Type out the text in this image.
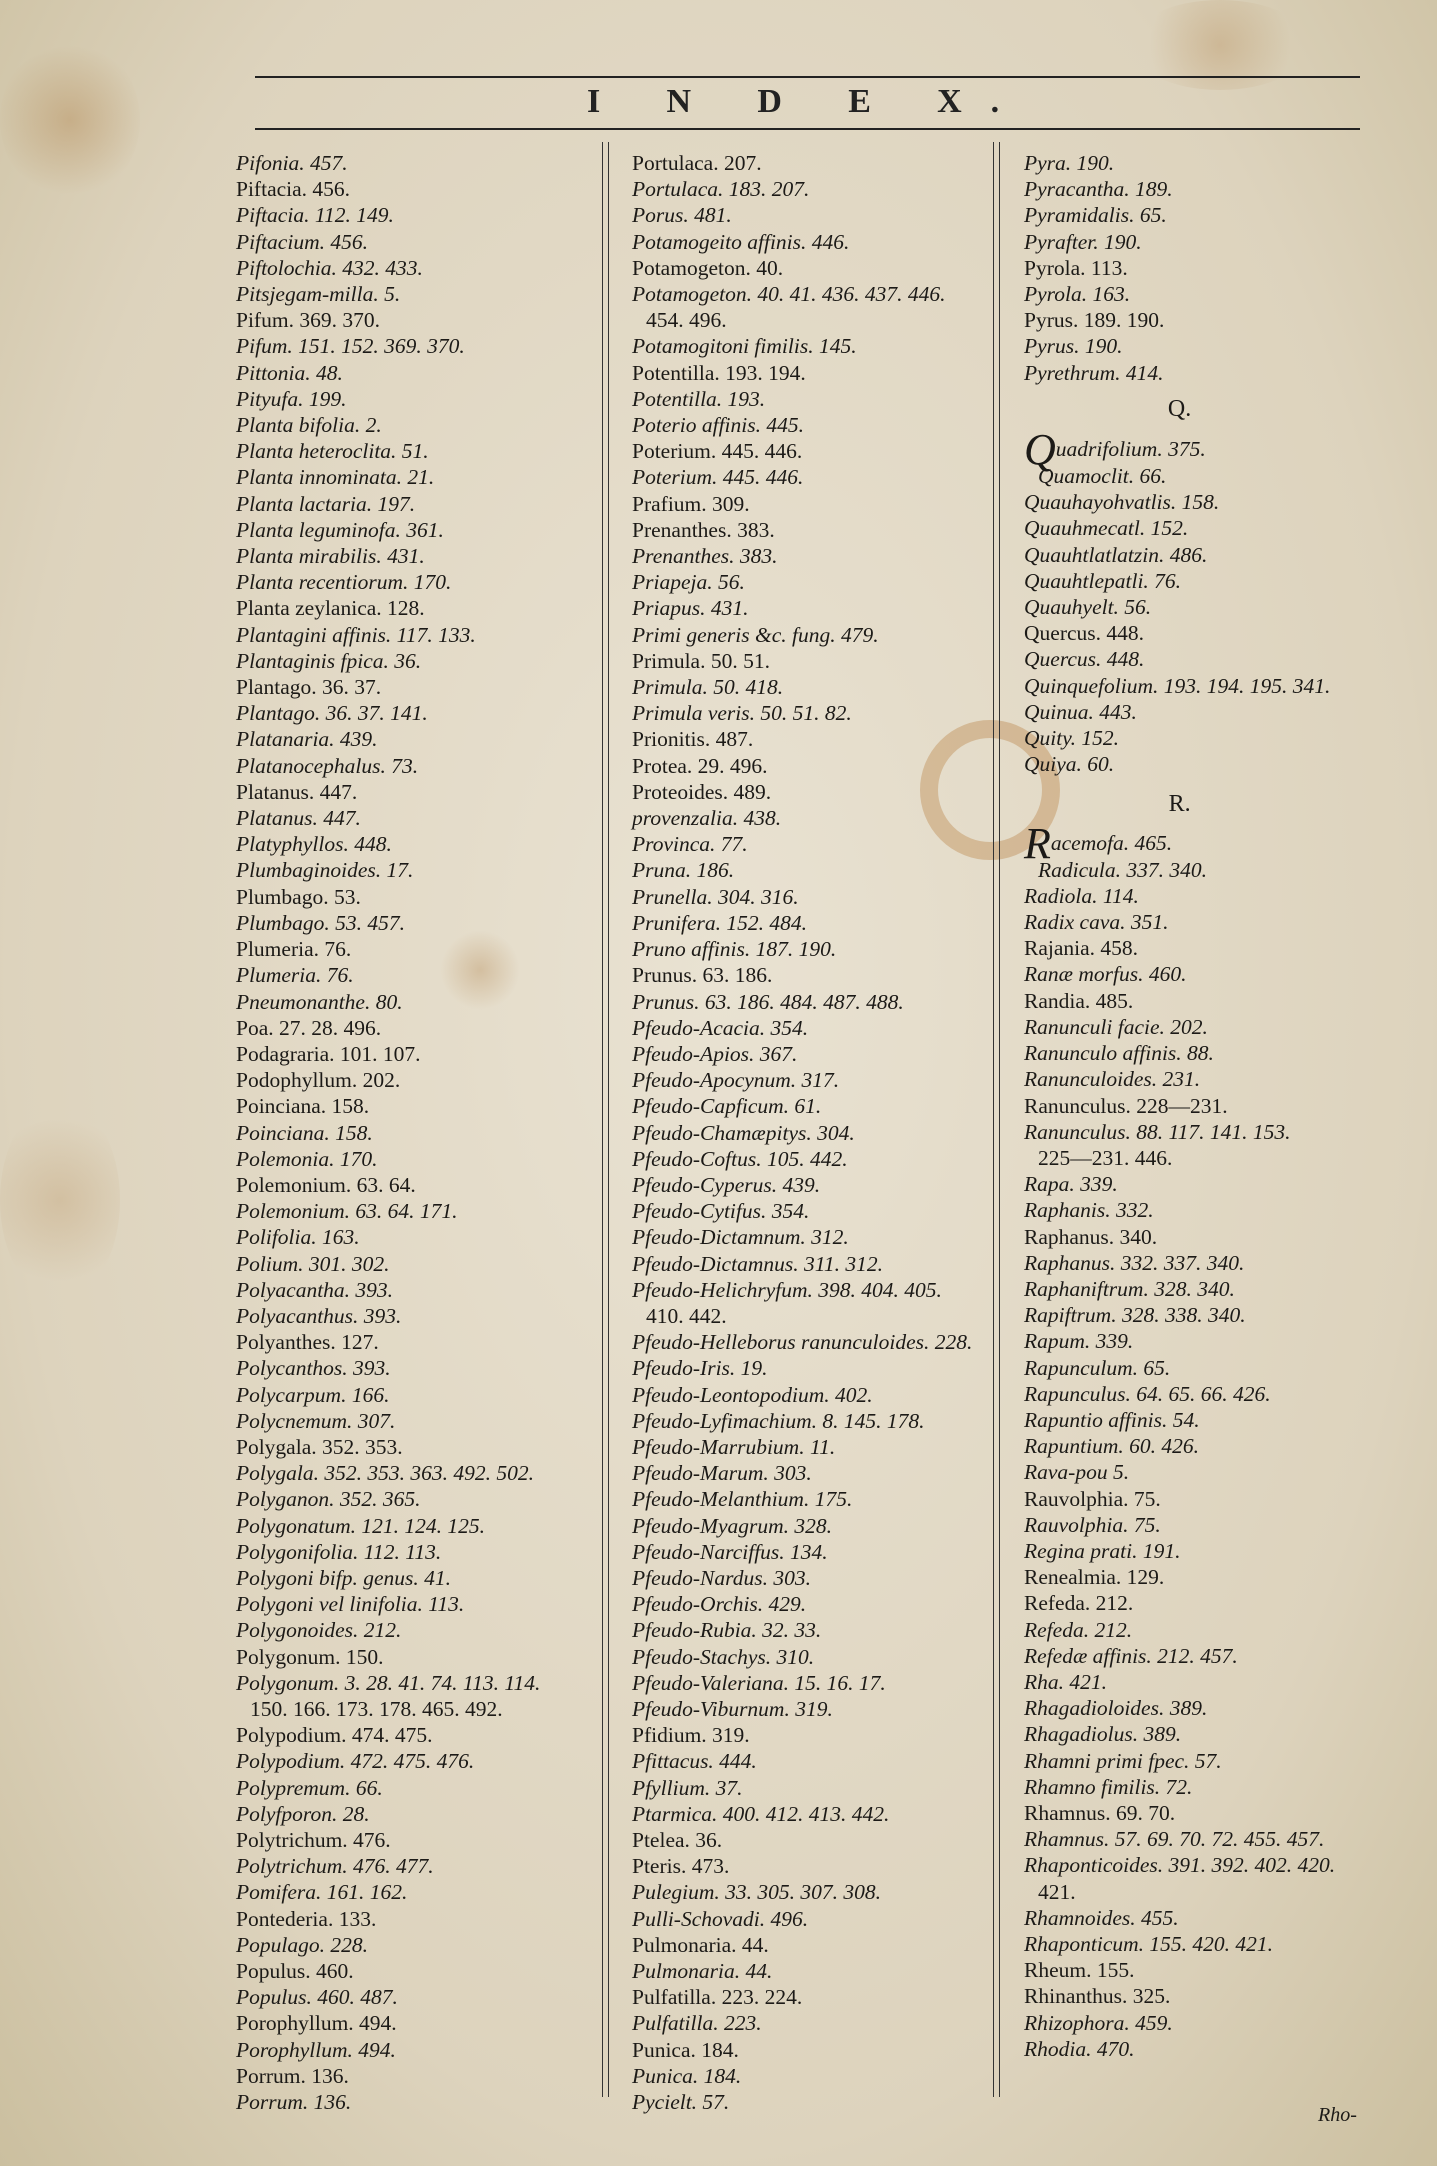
I N D E X.
Pifonia. 457.
Piftacia. 456.
Piftacia. 112. 149.
Piftacium. 456.
Piftolochia. 432. 433.
Pitsjegam-milla. 5.
Pifum. 369. 370.
Pifum. 151. 152. 369. 370.
Pittonia. 48.
Pityufa. 199.
Planta bifolia. 2.
Planta heteroclita. 51.
Planta innominata. 21.
Planta lactaria. 197.
Planta leguminofa. 361.
Planta mirabilis. 431.
Planta recentiorum. 170.
Planta zeylanica. 128.
Plantagini affinis. 117. 133.
Plantaginis fpica. 36.
Plantago. 36. 37.
Plantago. 36. 37. 141.
Platanaria. 439.
Platanocephalus. 73.
Platanus. 447.
Platanus. 447.
Platyphyllos. 448.
Plumbaginoides. 17.
Plumbago. 53.
Plumbago. 53. 457.
Plumeria. 76.
Plumeria. 76.
Pneumonanthe. 80.
Poa. 27. 28. 496.
Podagraria. 101. 107.
Podophyllum. 202.
Poinciana. 158.
Poinciana. 158.
Polemonia. 170.
Polemonium. 63. 64.
Polemonium. 63. 64. 171.
Polifolia. 163.
Polium. 301. 302.
Polyacantha. 393.
Polyacanthus. 393.
Polyanthes. 127.
Polycanthos. 393.
Polycarpum. 166.
Polycnemum. 307.
Polygala. 352. 353.
Polygala. 352. 353. 363. 492. 502.
Polyganon. 352. 365.
Polygonatum. 121. 124. 125.
Polygonifolia. 112. 113.
Polygoni bifp. genus. 41.
Polygoni vel linifolia. 113.
Polygonoides. 212.
Polygonum. 150.
Polygonum. 3. 28. 41. 74. 113. 114.
150. 166. 173. 178. 465. 492.
Polypodium. 474. 475.
Polypodium. 472. 475. 476.
Polypremum. 66.
Polyfporon. 28.
Polytrichum. 476.
Polytrichum. 476. 477.
Pomifera. 161. 162.
Pontederia. 133.
Populago. 228.
Populus. 460.
Populus. 460. 487.
Porophyllum. 494.
Porophyllum. 494.
Porrum. 136.
Porrum. 136.
Portulaca. 207.
Portulaca. 183. 207.
Porus. 481.
Potamogeito affinis. 446.
Potamogeton. 40.
Potamogeton. 40. 41. 436. 437. 446.
454. 496.
Potamogitoni fimilis. 145.
Potentilla. 193. 194.
Potentilla. 193.
Poterio affinis. 445.
Poterium. 445. 446.
Poterium. 445. 446.
Prafium. 309.
Prenanthes. 383.
Prenanthes. 383.
Priapeja. 56.
Priapus. 431.
Primi generis &c. fung. 479.
Primula. 50. 51.
Primula. 50. 418.
Primula veris. 50. 51. 82.
Prionitis. 487.
Protea. 29. 496.
Proteoides. 489.
provenzalia. 438.
Provinca. 77.
Pruna. 186.
Prunella. 304. 316.
Prunifera. 152. 484.
Pruno affinis. 187. 190.
Prunus. 63. 186.
Prunus. 63. 186. 484. 487. 488.
Pfeudo-Acacia. 354.
Pfeudo-Apios. 367.
Pfeudo-Apocynum. 317.
Pfeudo-Capficum. 61.
Pfeudo-Chamæpitys. 304.
Pfeudo-Coftus. 105. 442.
Pfeudo-Cyperus. 439.
Pfeudo-Cytifus. 354.
Pfeudo-Dictamnum. 312.
Pfeudo-Dictamnus. 311. 312.
Pfeudo-Helichryfum. 398. 404. 405.
410. 442.
Pfeudo-Helleborus ranunculoides. 228.
Pfeudo-Iris. 19.
Pfeudo-Leontopodium. 402.
Pfeudo-Lyfimachium. 8. 145. 178.
Pfeudo-Marrubium. 11.
Pfeudo-Marum. 303.
Pfeudo-Melanthium. 175.
Pfeudo-Myagrum. 328.
Pfeudo-Narciffus. 134.
Pfeudo-Nardus. 303.
Pfeudo-Orchis. 429.
Pfeudo-Rubia. 32. 33.
Pfeudo-Stachys. 310.
Pfeudo-Valeriana. 15. 16. 17.
Pfeudo-Viburnum. 319.
Pfidium. 319.
Pfittacus. 444.
Pfyllium. 37.
Ptarmica. 400. 412. 413. 442.
Ptelea. 36.
Pteris. 473.
Pulegium. 33. 305. 307. 308.
Pulli-Schovadi. 496.
Pulmonaria. 44.
Pulmonaria. 44.
Pulfatilla. 223. 224.
Pulfatilla. 223.
Punica. 184.
Punica. 184.
Pycielt. 57.
Pyra. 190.
Pyracantha. 189.
Pyramidalis. 65.
Pyrafter. 190.
Pyrola. 113.
Pyrola. 163.
Pyrus. 189. 190.
Pyrus. 190.
Pyrethrum. 414.
Q.
Quadrifolium. 375.
Quamoclit. 66.
Quauhayohvatlis. 158.
Quauhmecatl. 152.
Quauhtlatlatzin. 486.
Quauhtlepatli. 76.
Quauhyelt. 56.
Quercus. 448.
Quercus. 448.
Quinquefolium. 193. 194. 195. 341.
Quinua. 443.
Quity. 152.
Quiya. 60.
R.
Racemofa. 465.
Radicula. 337. 340.
Radiola. 114.
Radix cava. 351.
Rajania. 458.
Ranæ morfus. 460.
Randia. 485.
Ranunculi facie. 202.
Ranunculo affinis. 88.
Ranunculoides. 231.
Ranunculus. 228—231.
Ranunculus. 88. 117. 141. 153.
225—231. 446.
Rapa. 339.
Raphanis. 332.
Raphanus. 340.
Raphanus. 332. 337. 340.
Raphaniftrum. 328. 340.
Rapiftrum. 328. 338. 340.
Rapum. 339.
Rapunculum. 65.
Rapunculus. 64. 65. 66. 426.
Rapuntio affinis. 54.
Rapuntium. 60. 426.
Rava-pou 5.
Rauvolphia. 75.
Rauvolphia. 75.
Regina prati. 191.
Renealmia. 129.
Refeda. 212.
Refeda. 212.
Refedæ affinis. 212. 457.
Rha. 421.
Rhagadioloides. 389.
Rhagadiolus. 389.
Rhamni primi fpec. 57.
Rhamno fimilis. 72.
Rhamnus. 69. 70.
Rhamnus. 57. 69. 70. 72. 455. 457.
Rhaponticoides. 391. 392. 402. 420.
421.
Rhamnoides. 455.
Rhaponticum. 155. 420. 421.
Rheum. 155.
Rhinanthus. 325.
Rhizophora. 459.
Rhodia. 470.
Rho-
